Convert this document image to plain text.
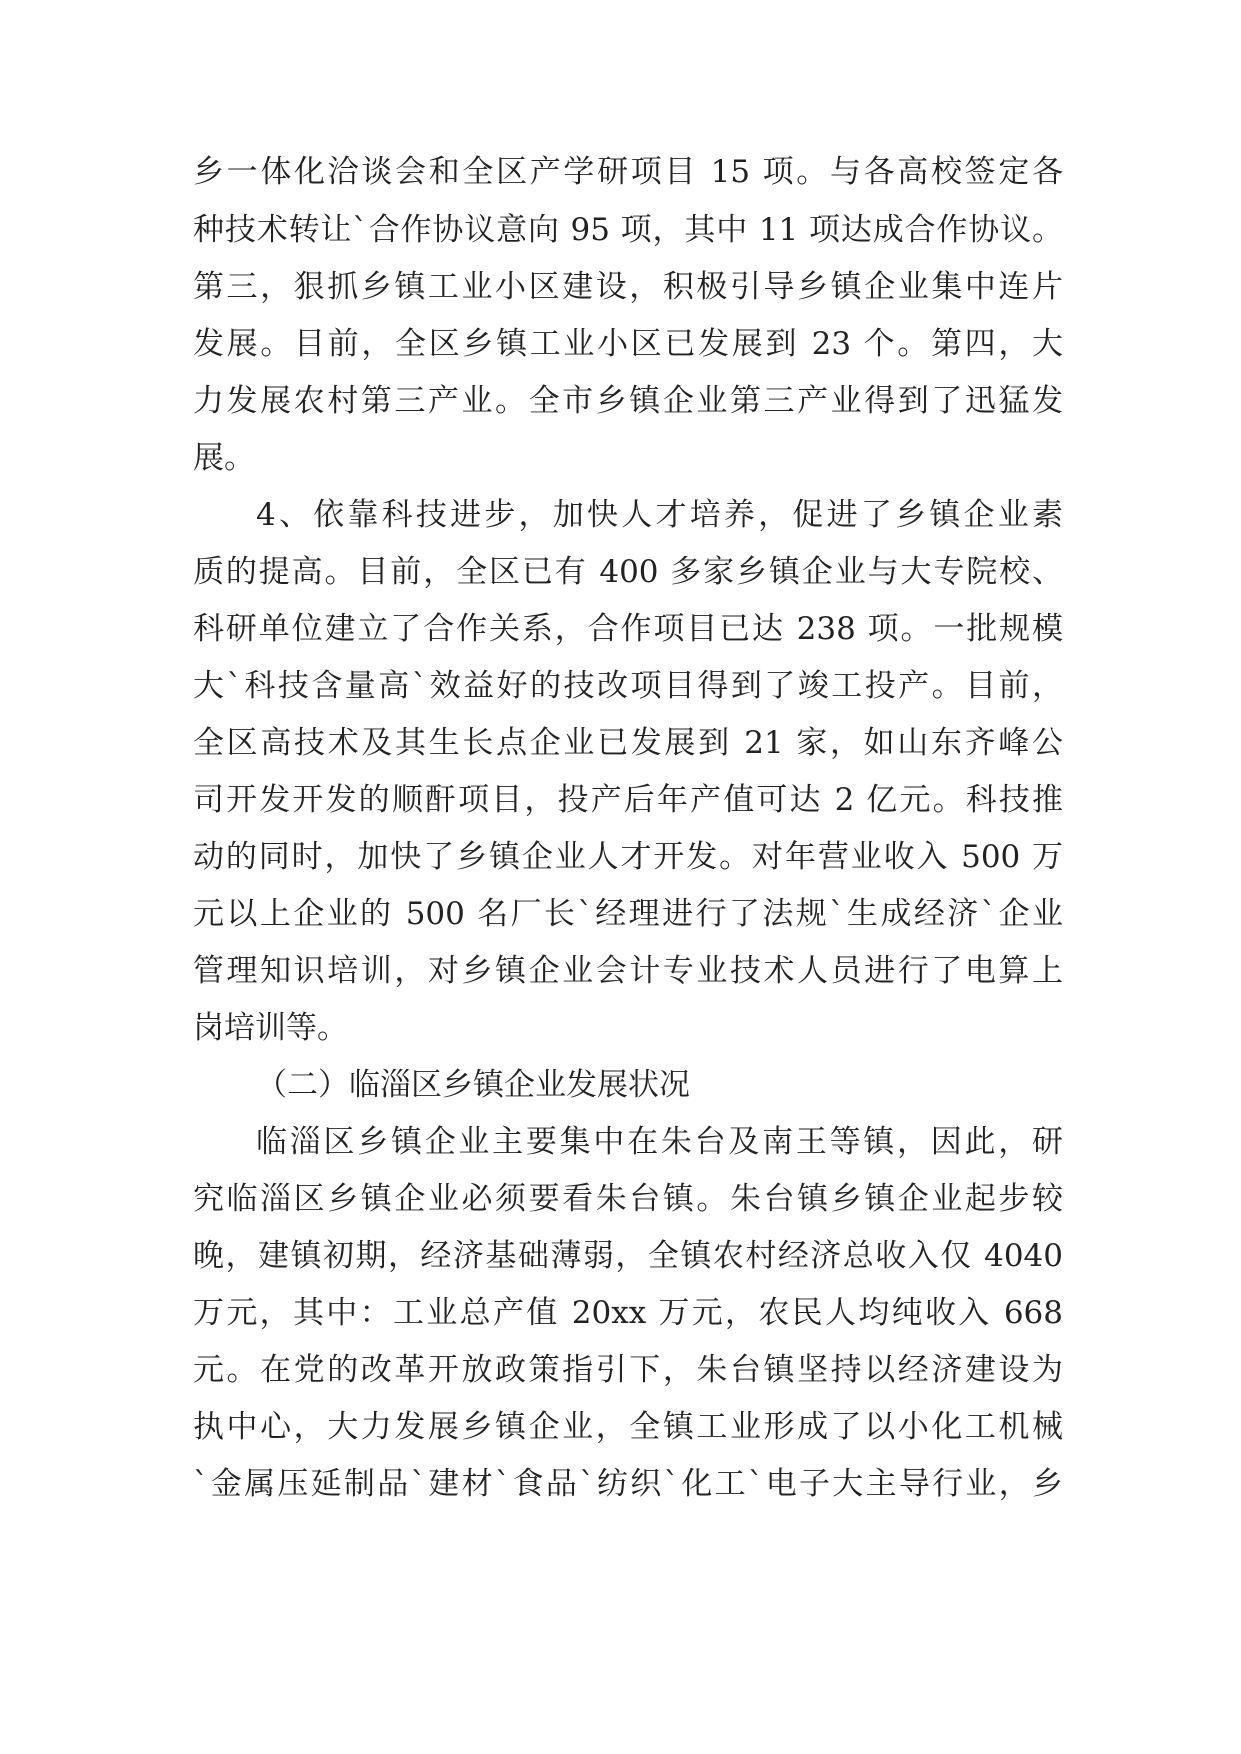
乡一体化洽谈会和全区产学研项目 15 项。与各高校签定各
种技术转让`合作协议意向 95 项，其中 11 项达成合作协议。
第三，狠抓乡镇工业小区建设，积极引导乡镇企业集中连片
发展。目前，全区乡镇工业小区已发展到 23 个。第四，大
力发展农村第三产业。全市乡镇企业第三产业得到了迅猛发
展。
4、依靠科技进步，加快人才培养，促进了乡镇企业素
质的提高。目前，全区已有 400 多家乡镇企业与大专院校、
科研单位建立了合作关系，合作项目已达 238 项。一批规模
大`科技含量高`效益好的技改项目得到了竣工投产。目前，
全区高技术及其生长点企业已发展到 21 家，如山东齐峰公
司开发开发的顺酐项目，投产后年产值可达 2 亿元。科技推
动的同时，加快了乡镇企业人才开发。对年营业收入 500 万
元以上企业的 500 名厂长`经理进行了法规`生成经济`企业
管理知识培训，对乡镇企业会计专业技术人员进行了电算上
岗培训等。
（二）临淄区乡镇企业发展状况
临淄区乡镇企业主要集中在朱台及南王等镇，因此，研
究临淄区乡镇企业必须要看朱台镇。朱台镇乡镇企业起步较
晚，建镇初期，经济基础薄弱，全镇农村经济总收入仅 4040
万元，其中：工业总产值 20xx 万元，农民人均纯收入 668
元。在党的改革开放政策指引下，朱台镇坚持以经济建设为
执中心，大力发展乡镇企业，全镇工业形成了以小化工机械
`金属压延制品`建材`食品`纺织`化工`电子大主导行业，乡
